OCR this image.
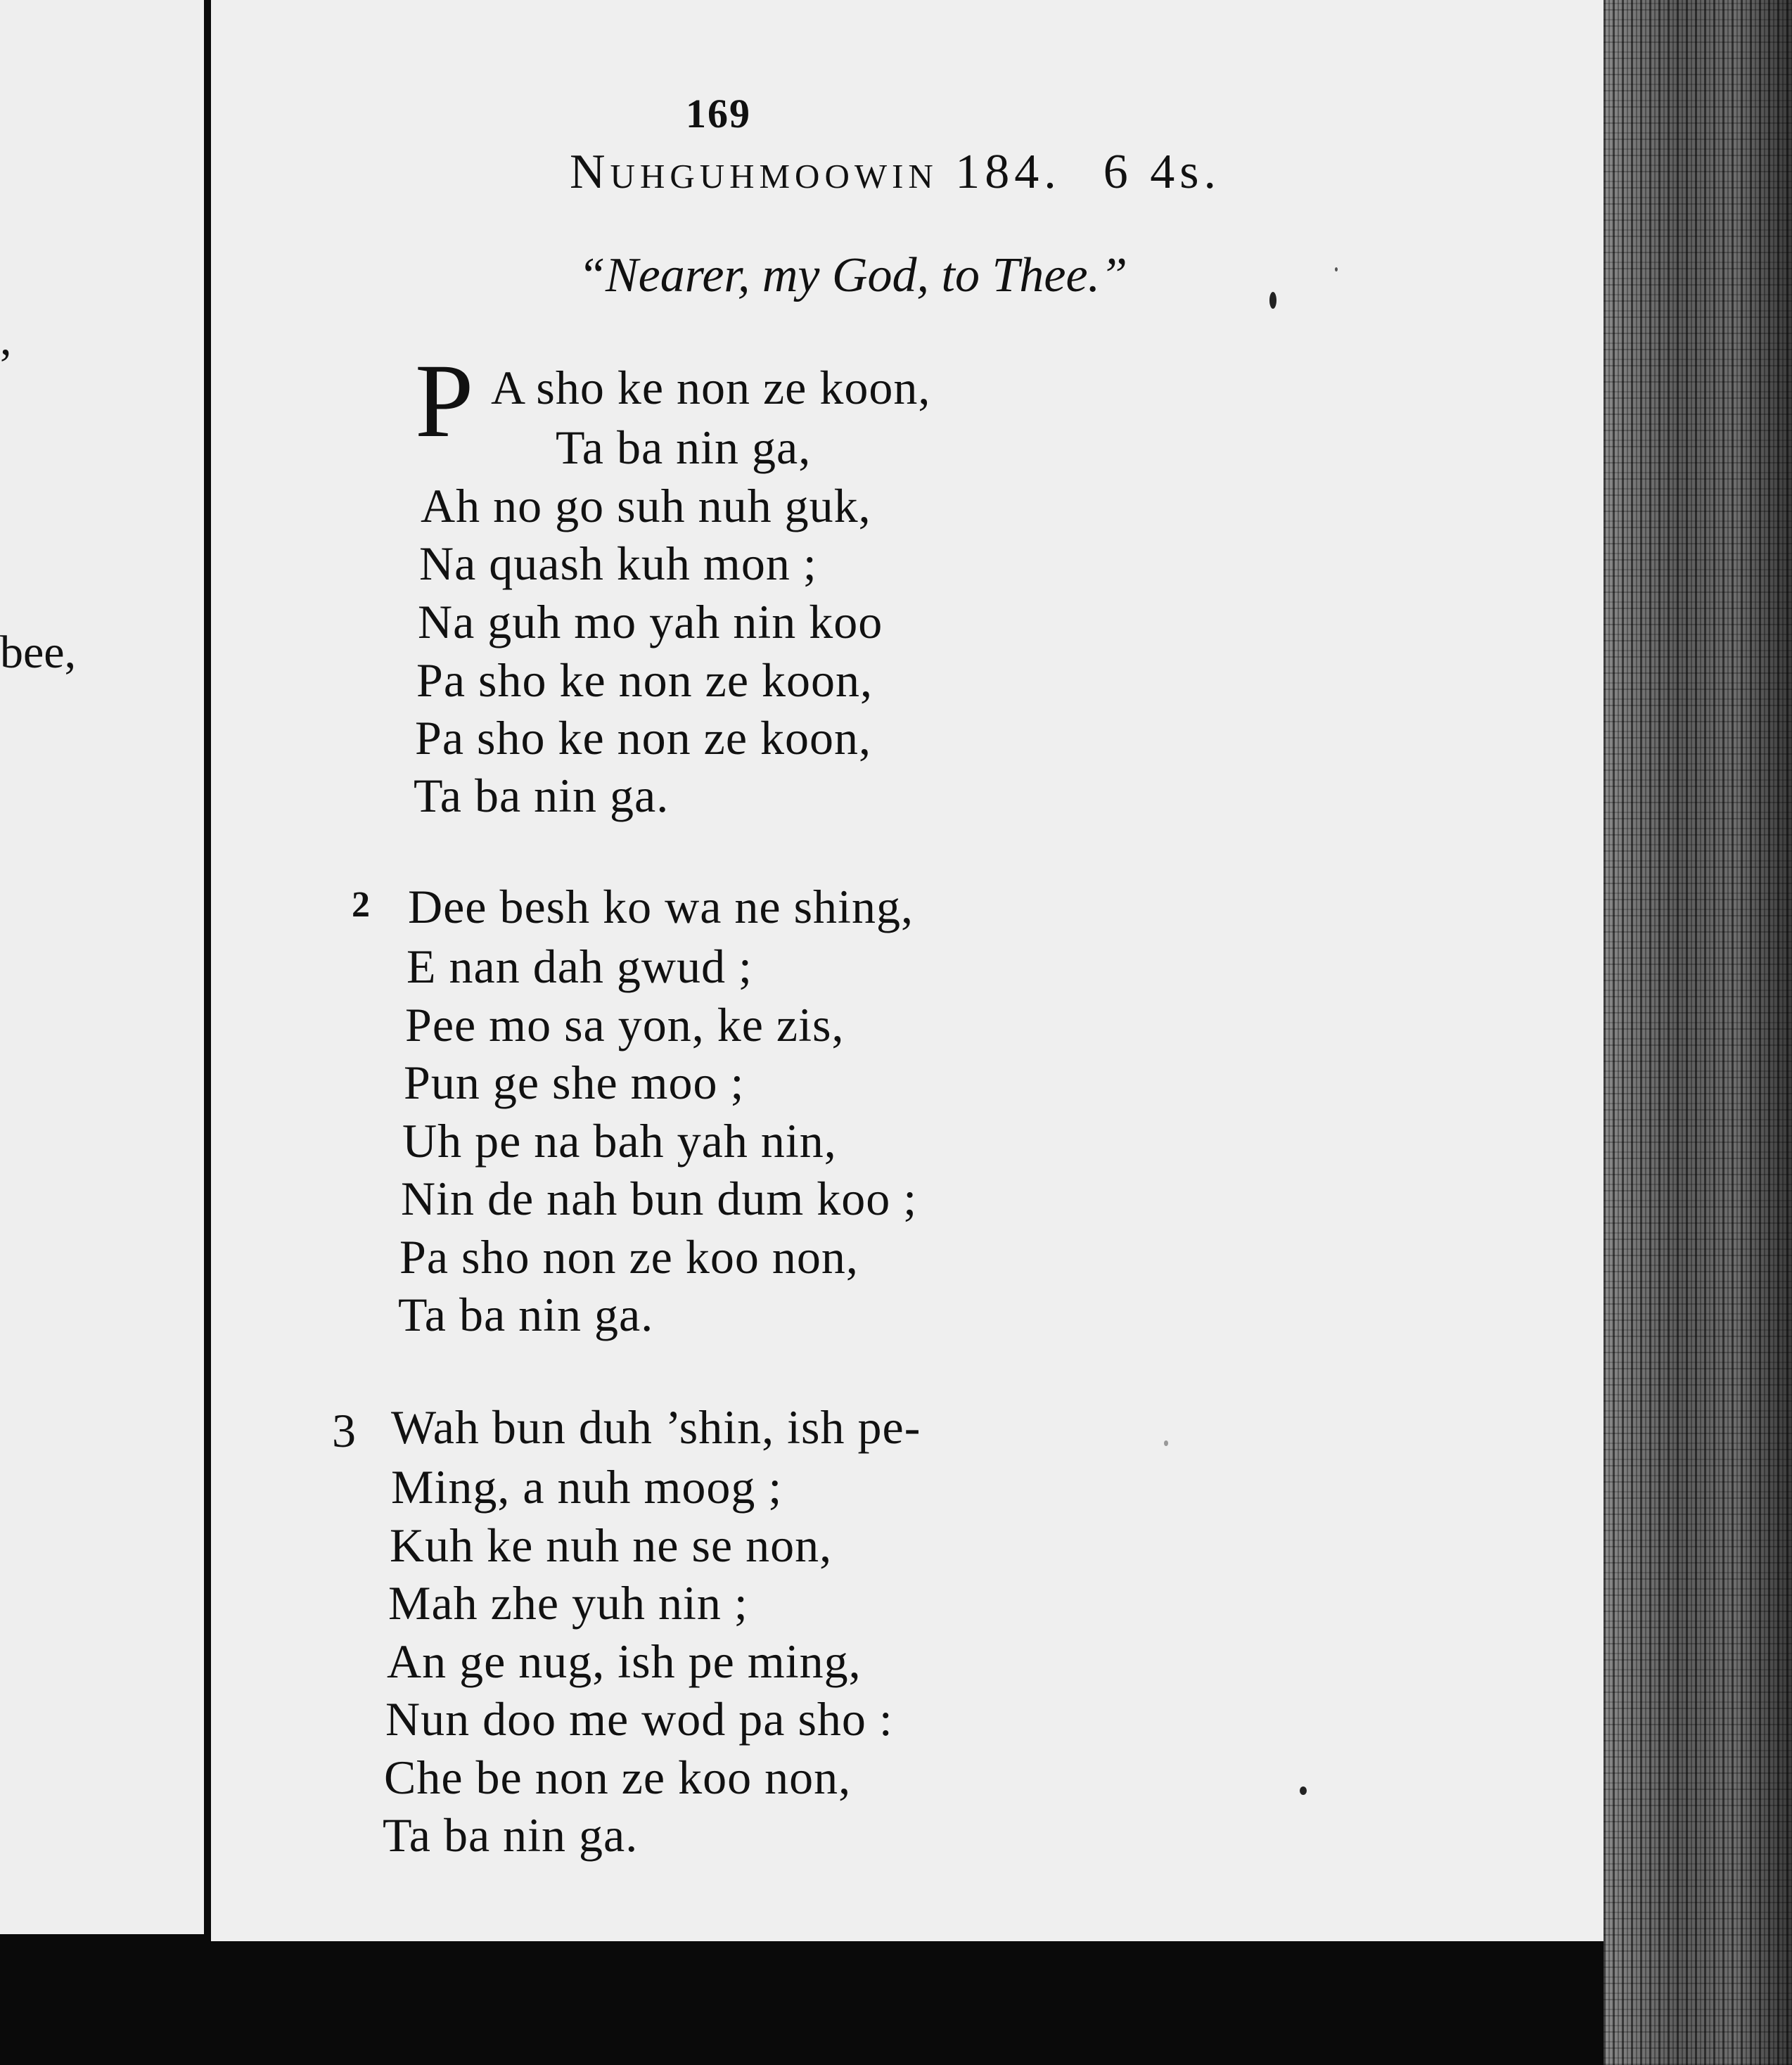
,
bee,
169
Nuhguhmoowin 184. 6 4s.
“Nearer, my God, to Thee.”
P A sho ke non ze koon,
Ta ba nin ga,
Ah no go suh nuh guk,
Na quash kuh mon ;
Na guh mo yah nin koo
Pa sho ke non ze koon,
Pa sho ke non ze koon,
Ta ba nin ga.
2 Dee besh ko wa ne shing,
E nan dah gwud ;
Pee mo sa yon, ke zis,
Pun ge she moo ;
Uh pe na bah yah nin,
Nin de nah bun dum koo ;
Pa sho non ze koo non,
Ta ba nin ga.
3 Wah bun duh ’shin, ish pe-
Ming, a nuh moog ;
Kuh ke nuh ne se non,
Mah zhe yuh nin ;
An ge nug, ish pe ming,
Nun doo me wod pa sho :
Che be non ze koo non,
Ta ba nin ga.
